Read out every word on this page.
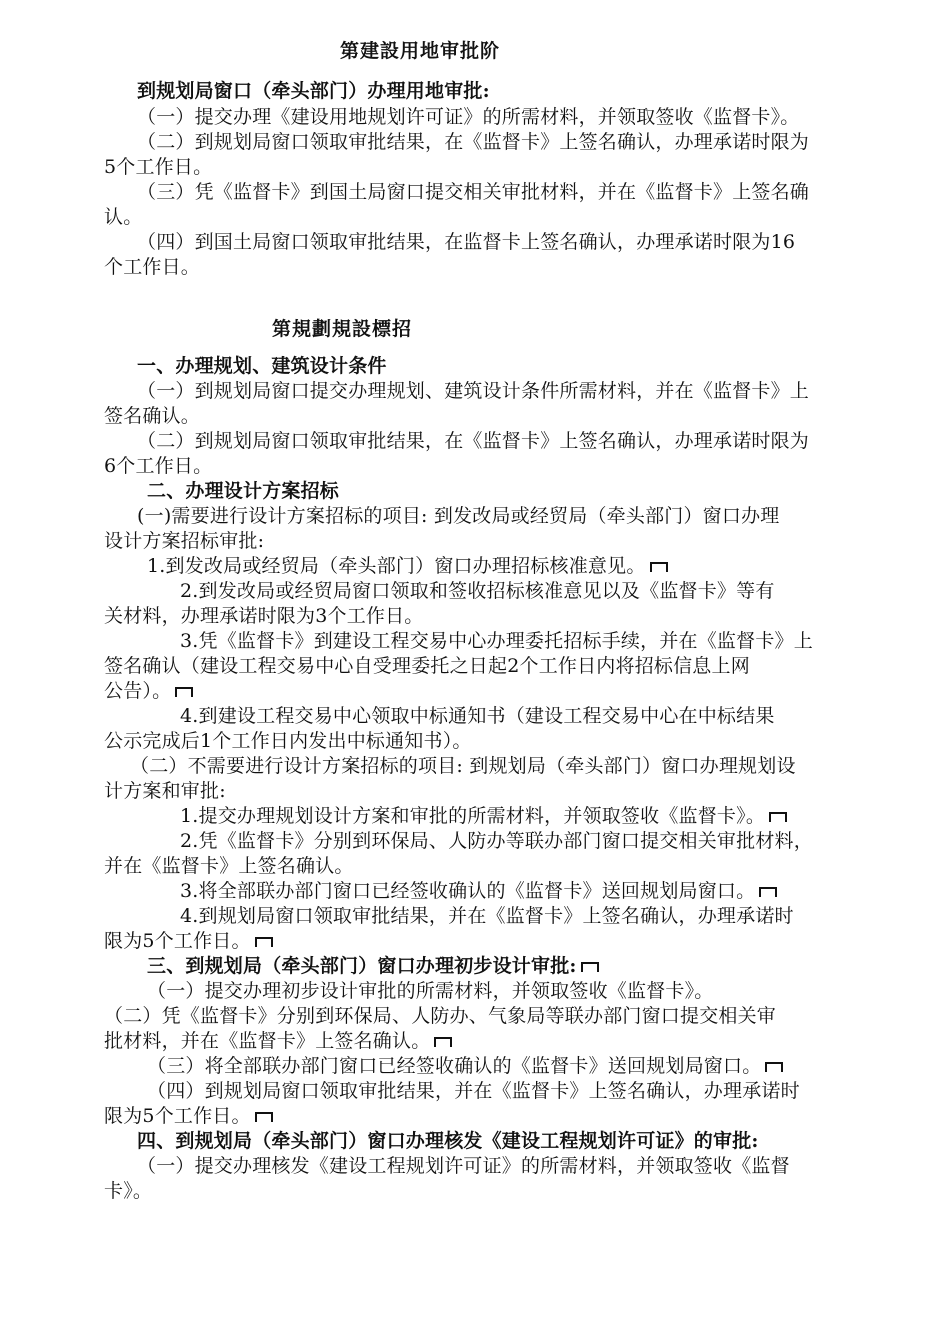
第建設用地审批阶
到规划局窗口（牵头部门）办理用地审批:
（一）提交办理《建设用地规划许可证》的所需材料，并领取签收《监督卡》。
（二）到规划局窗口领取审批结果，在《监督卡》上签名确认，办理承诺时限为
5个工作日。
（三）凭《监督卡》到国土局窗口提交相关审批材料，并在《监督卡》上签名确
认。
（四）到国土局窗口领取审批结果，在监督卡上签名确认，办理承诺时限为16
个工作日。
第規劃規設標招
一、办理规划、建筑设计条件
（一）到规划局窗口提交办理规划、建筑设计条件所需材料，并在《监督卡》上
签名确认。
（二）到规划局窗口领取审批结果，在《监督卡》上签名确认，办理承诺时限为
6个工作日。
二、办理设计方案招标
(一)需要进行设计方案招标的项目: 到发改局或经贸局（牵头部门）窗口办理
设计方案招标审批:
1.到发改局或经贸局（牵头部门）窗口办理招标核准意见。
2.到发改局或经贸局窗口领取和签收招标核准意见以及《监督卡》等有
关材料，办理承诺时限为3个工作日。
3.凭《监督卡》到建设工程交易中心办理委托招标手续，并在《监督卡》上
签名确认（建设工程交易中心自受理委托之日起2个工作日内将招标信息上网
公告）。
4.到建设工程交易中心领取中标通知书（建设工程交易中心在中标结果
公示完成后1个工作日内发出中标通知书）。
（二）不需要进行设计方案招标的项目: 到规划局（牵头部门）窗口办理规划设
计方案和审批:
1.提交办理规划设计方案和审批的所需材料，并领取签收《监督卡》。
2.凭《监督卡》分别到环保局、人防办等联办部门窗口提交相关审批材料，
并在《监督卡》上签名确认。
3.将全部联办部门窗口已经签收确认的《监督卡》送回规划局窗口。
4.到规划局窗口领取审批结果，并在《监督卡》上签名确认，办理承诺时
限为5个工作日。
三、到规划局（牵头部门）窗口办理初步设计审批:
（一）提交办理初步设计审批的所需材料，并领取签收《监督卡》。
（二）凭《监督卡》分别到环保局、人防办、气象局等联办部门窗口提交相关审
批材料，并在《监督卡》上签名确认。
（三）将全部联办部门窗口已经签收确认的《监督卡》送回规划局窗口。
（四）到规划局窗口领取审批结果，并在《监督卡》上签名确认，办理承诺时
限为5个工作日。
四、到规划局（牵头部门）窗口办理核发《建设工程规划许可证》的审批:
（一）提交办理核发《建设工程规划许可证》的所需材料，并领取签收《监督
卡》。
